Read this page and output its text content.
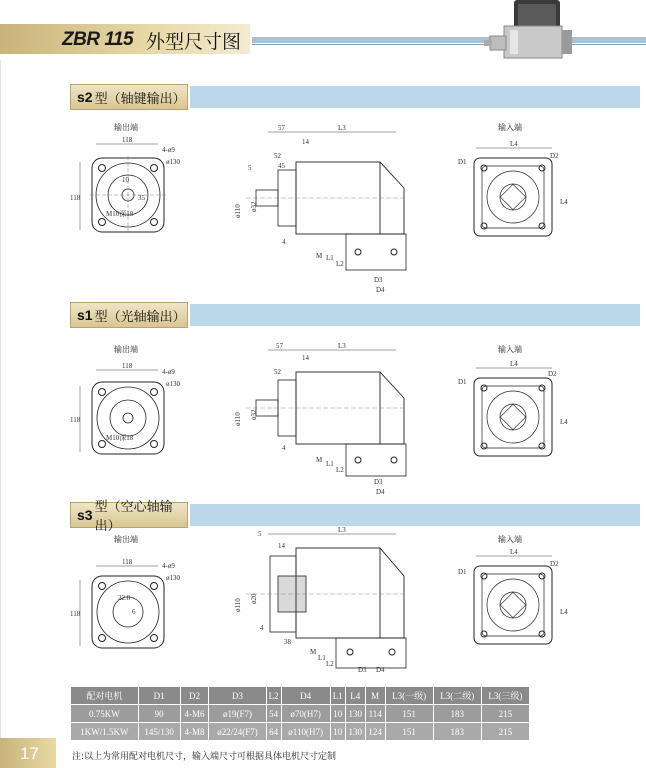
ZBR 115 外型尺寸图
s2 型（轴键输出）
输出端
118
118
4-ø9
ø130
10
35
M10深18
57	L3
14
52
45
5
ø110 ø32
4
M L1
L2
D3
D4
输入端
L4
D1
D2
L4
s1 型（光轴输出）
输出端
118
118
4-ø9
ø130
M10深18
57	L3
52
14
ø110 ø32
4
M L1
L2
D3
D4
输入端
L4
D1
D2
L4
s3
型（空心轴输出）
输出端
118
118
4-ø9
ø130
22.8
6
5	L3
14
ø110 ø20
4
38
M
L1
L2
D3 D4
输入端
L4
D1
D2
L4
配对电机	D1	D2	D3	L2	D4	L1	L4	M	L3(一级)	L3(二级)	L3(三级)
0.75KW	90	4-M6	ø19(F7)	54	ø70(H7)	10	130	114	151	183	215
1KW/1.5KW	145/130	4-M8	ø22/24(F7)	64	ø110(H7)	10	130	124	151	183	215
注:以上为常用配对电机尺寸，输入端尺寸可根据具体电机尺寸定制
17
